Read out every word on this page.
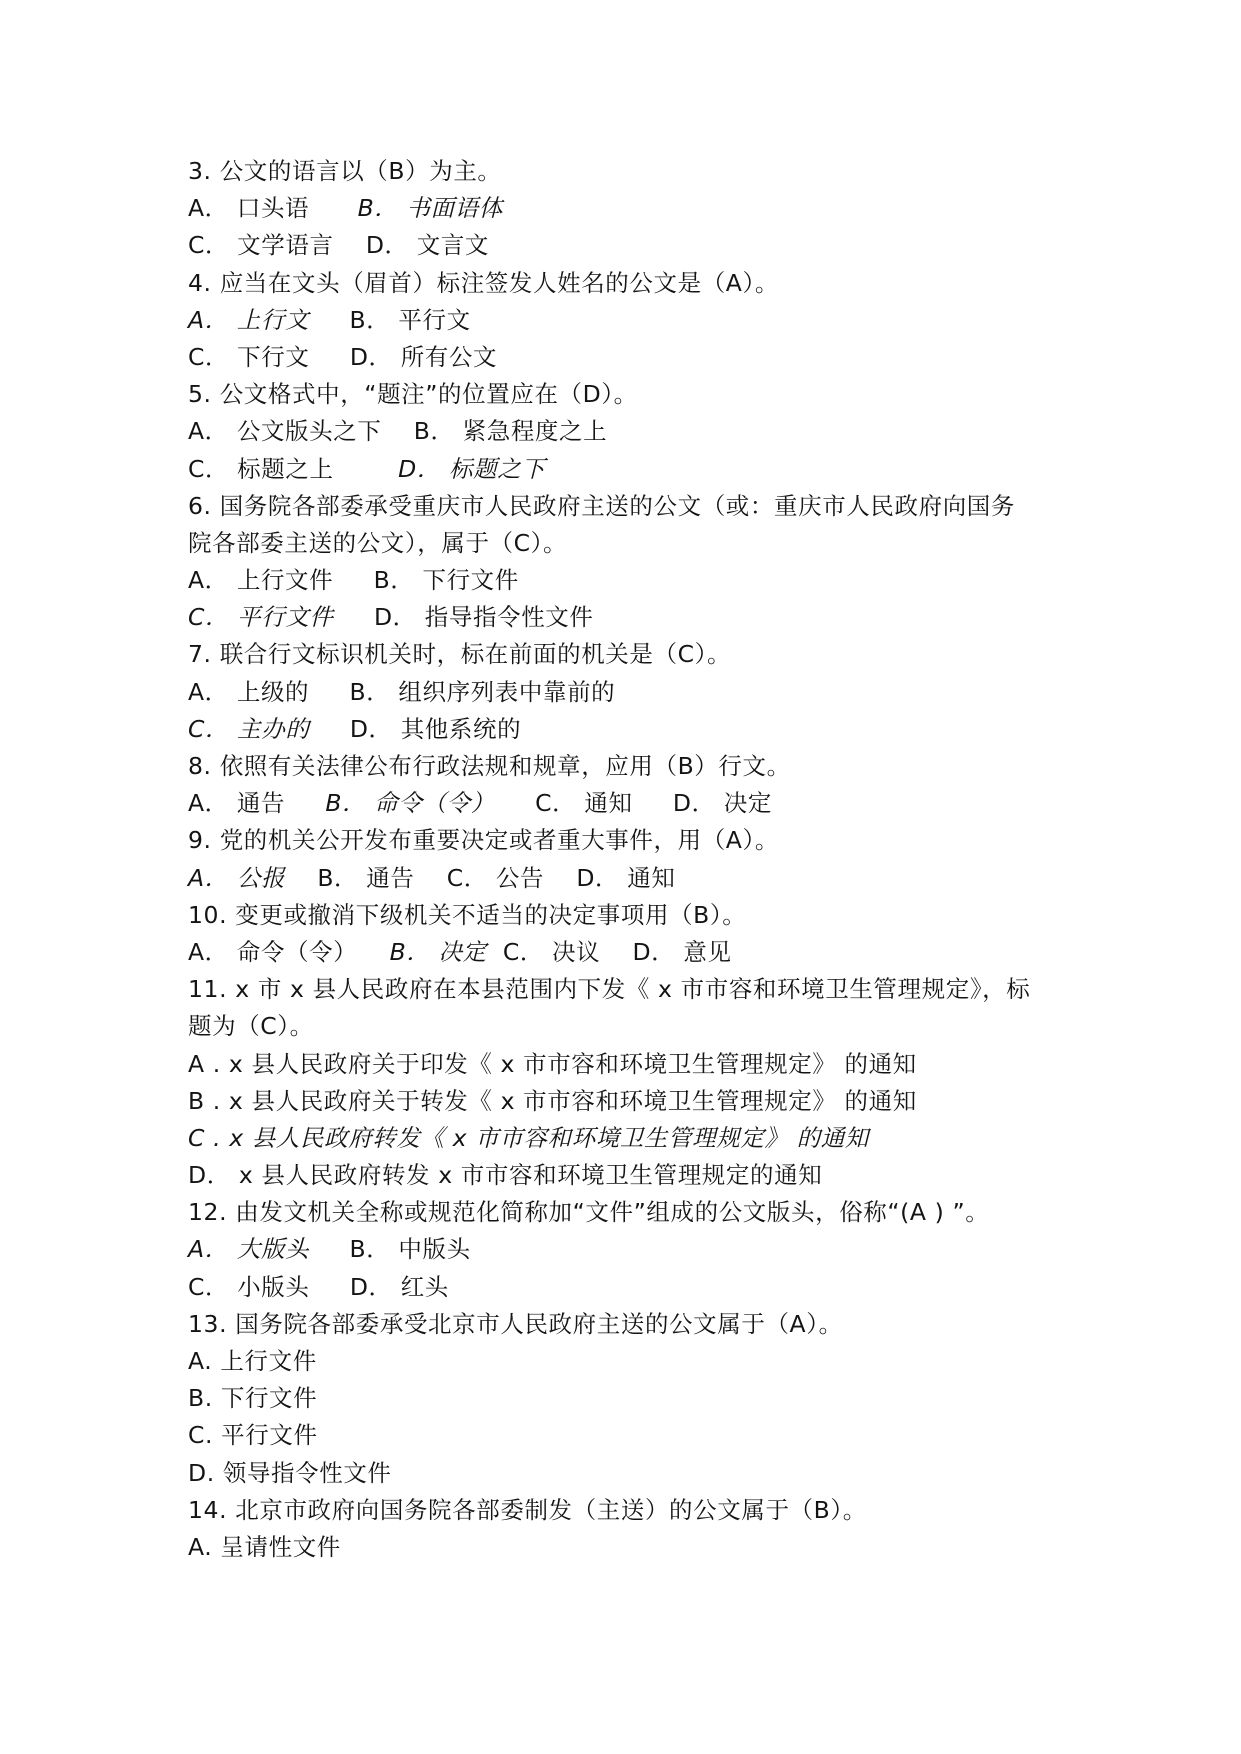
3. 公文的语言以（B）为主。
A． 口头语      B． 书面语体
C． 文学语言    D． 文言文
4. 应当在文头（眉首）标注签发人姓名的公文是（A）。
A． 上行文     B． 平行文
C． 下行文     D． 所有公文
5. 公文格式中，“题注”的位置应在（D）。
A． 公文版头之下    B． 紧急程度之上
C． 标题之上        D． 标题之下
6. 国务院各部委承受重庆市人民政府主送的公文（或：重庆市人民政府向国务
院各部委主送的公文），属于（C）。
A． 上行文件     B． 下行文件
C． 平行文件     D． 指导指令性文件
7. 联合行文标识机关时，标在前面的机关是（C）。
A． 上级的     B． 组织序列表中靠前的
C． 主办的     D． 其他系统的
8. 依照有关法律公布行政法规和规章，应用（B）行文。
A． 通告     B． 命令（令）     C． 通知     D． 决定
9. 党的机关公开发布重要决定或者重大事件，用（A）。
A． 公报    B． 通告    C． 公告    D． 通知
10. 变更或撤消下级机关不适当的决定事项用（B）。
A． 命令（令）    B． 决定  C． 决议    D． 意见
11. x 市 x 县人民政府在本县范围内下发《 x 市市容和环境卫生管理规定》，标
题为（C）。
A . x 县人民政府关于印发《 x 市市容和环境卫生管理规定》 的通知
B . x 县人民政府关于转发《 x 市市容和环境卫生管理规定》 的通知
C . x 县人民政府转发《 x 市市容和环境卫生管理规定》 的通知
D． x 县人民政府转发 x 市市容和环境卫生管理规定的通知
12. 由发文机关全称或规范化简称加“文件”组成的公文版头，俗称“(A ) ”。
A． 大版头     B． 中版头
C． 小版头     D． 红头
13. 国务院各部委承受北京市人民政府主送的公文属于（A）。
A. 上行文件
B. 下行文件
C. 平行文件
D. 领导指令性文件
14. 北京市政府向国务院各部委制发（主送）的公文属于（B）。
A. 呈请性文件
